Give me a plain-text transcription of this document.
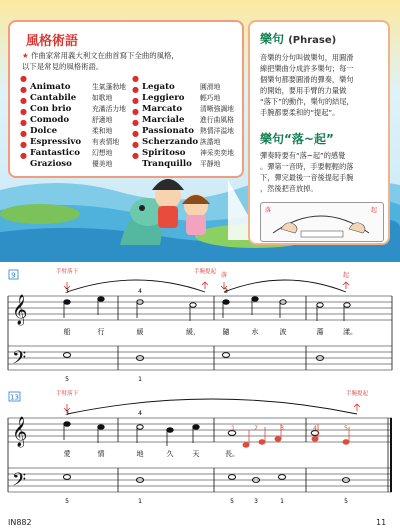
風格術語
★ 作曲家常用義大利文在曲首寫下全曲的風格，
以下是常見的風格術語。
●
Animato	生氣蓬勃地
●
Cantabile 如歌地
●
Con brio	充滿活力地
●
Comodo	舒適地
●
Dolce	柔和地
●
Espressivo 有表情地
●
Fantastico 幻想地
●
Grazioso	優美地
●
Legato	圓滑地
●
Leggiero 輕巧地
●
Marcato	清晰強調地
●
Marciale 進行曲風格
●
Passionato 熱情洋溢地
●
Scherzando 詼諧地
●
Spiritoso 神采奕奕地
●
Tranquillo 平靜地
樂句 (Phrase)
音樂的分句叫做樂句，用圓滑
線把樂曲分成許多樂句；每一
個樂句都要圓滑的彈奏，樂句
的開始，要用手臂的力量做
“落下”的動作，樂句的結尾，
手腕都要柔和的“提起”。
樂句“落~起”
彈奏時要有“落~起”的感覺
。彈第一音時，手要輕輕的落
下，彈完最後一音後提起手腕
，然後把音放掉。
落	起
9	手臂落下	手腕提起 落	起
𝄞
𝄢
3	4	3
5	1
船	行	緩	緩，	隨	水	波	蕩	漾。
13	手臂落下	手腕提起
𝄞
𝄢
3	4
1	2	3	4	5
5	1	5	3	1	5
愛	情	地	久	天	長。
IN882	11
